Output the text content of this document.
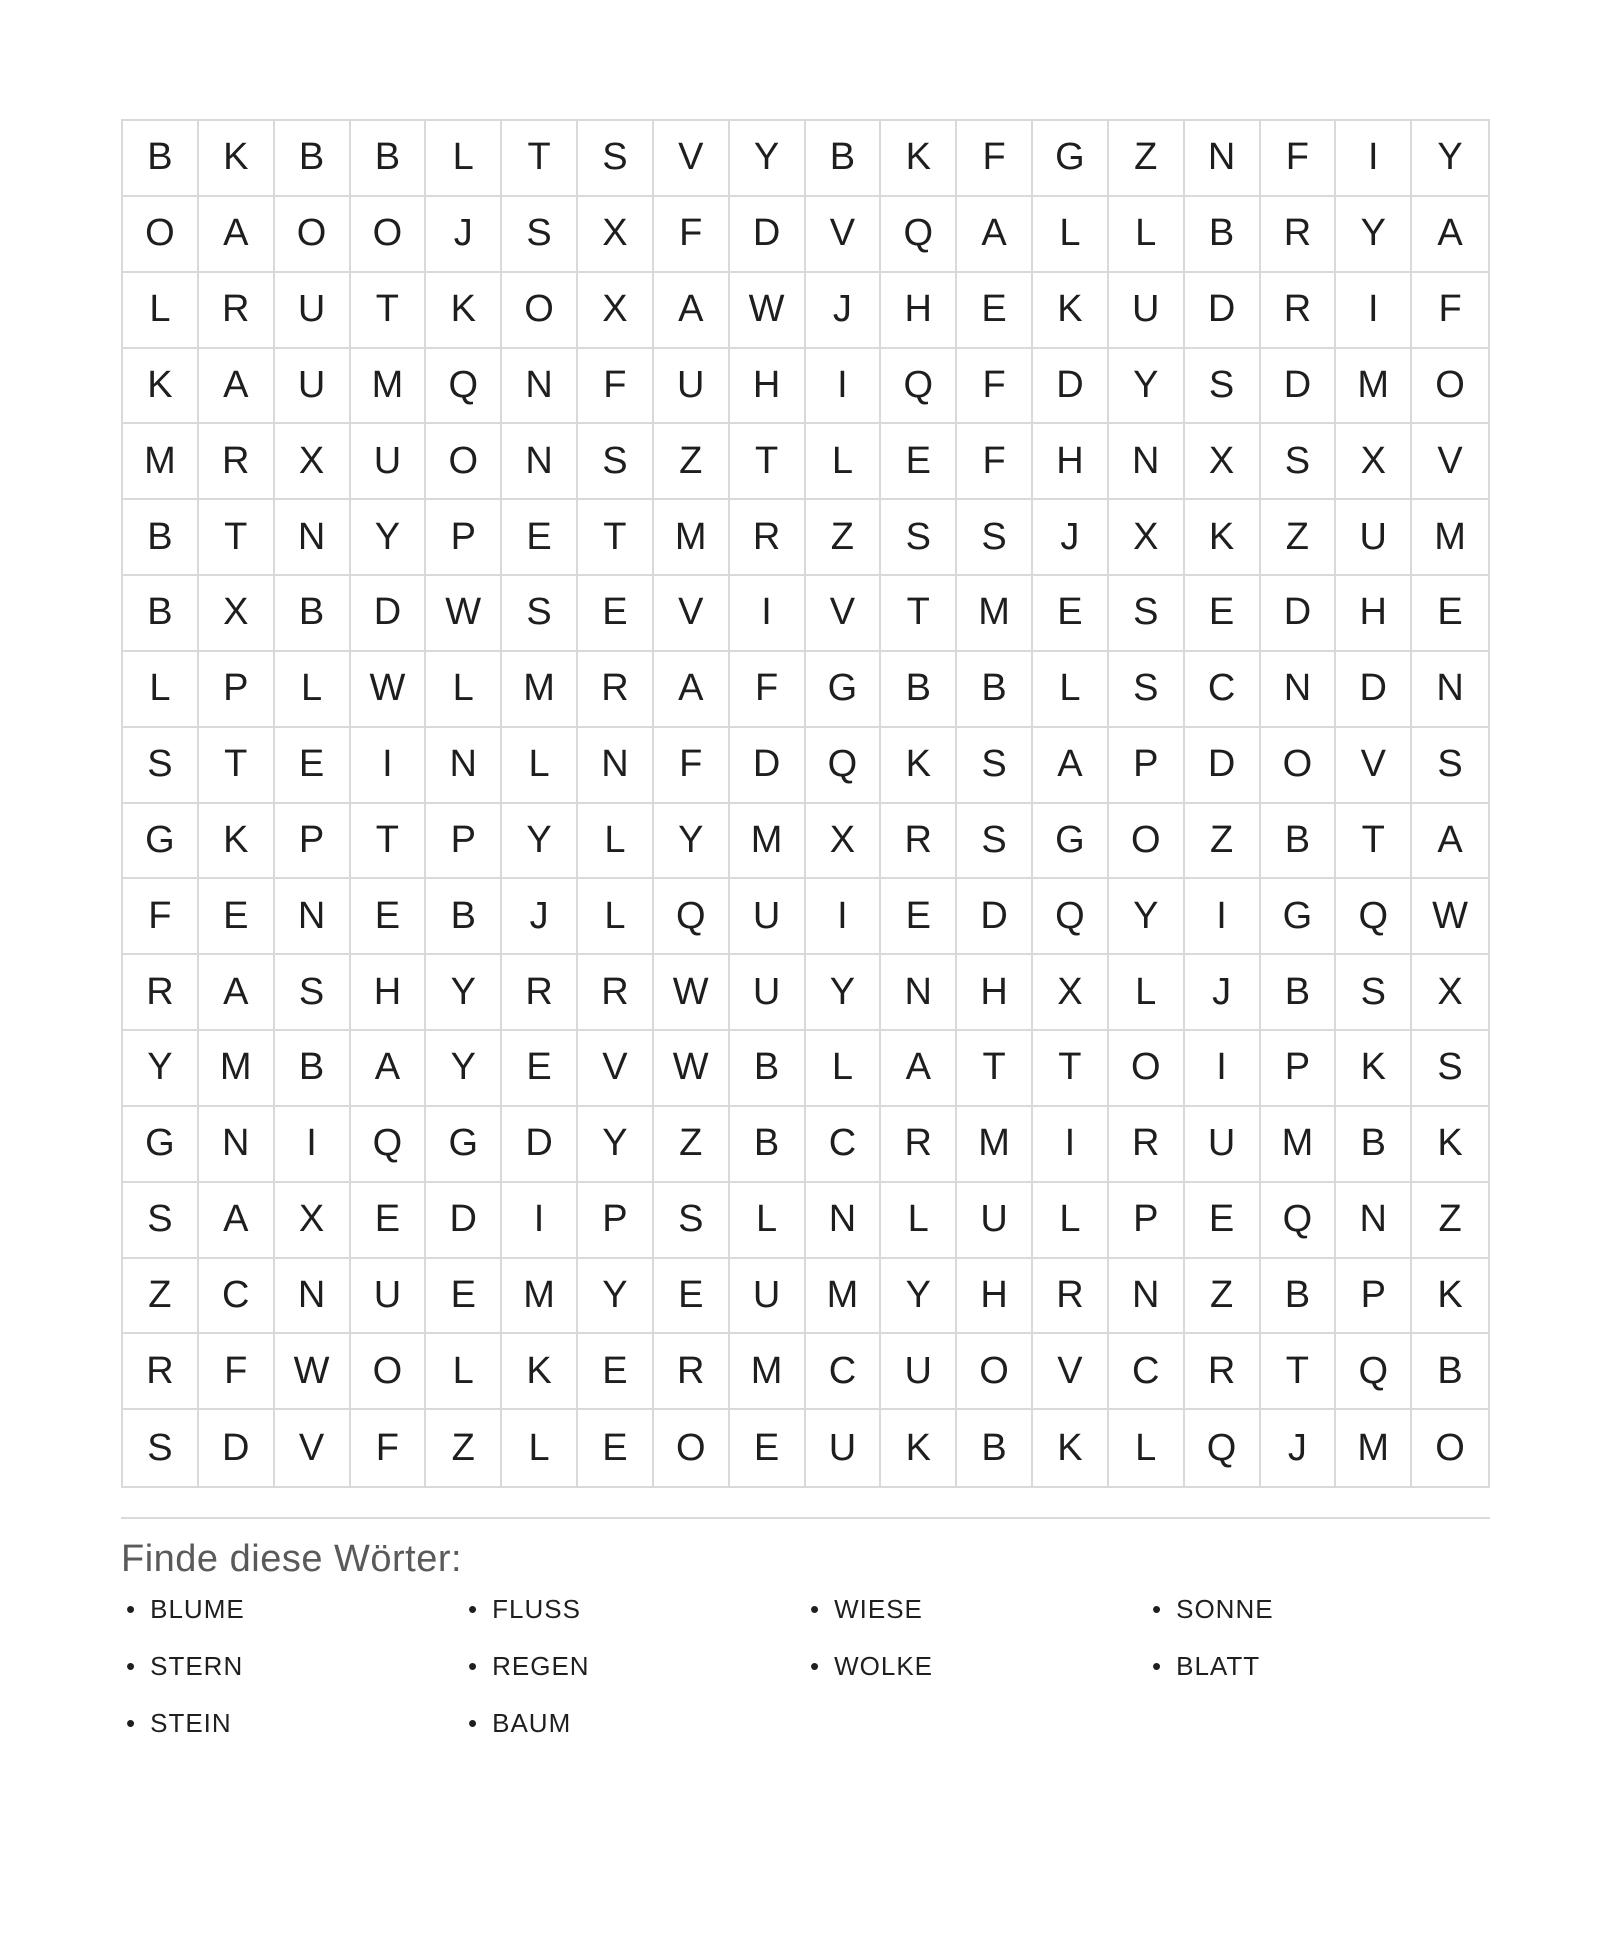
B	K	B	B	L	T	S	V	Y	B	K	F	G	Z	N	F	I	Y
O	A	O	O	J	S	X	F	D	V	Q	A	L	L	B	R	Y	A
L	R	U	T	K	O	X	A	W	J	H	E	K	U	D	R	I	F
K	A	U	M	Q	N	F	U	H	I	Q	F	D	Y	S	D	M	O
M	R	X	U	O	N	S	Z	T	L	E	F	H	N	X	S	X	V
B	T	N	Y	P	E	T	M	R	Z	S	S	J	X	K	Z	U	M
B	X	B	D	W	S	E	V	I	V	T	M	E	S	E	D	H	E
L	P	L	W	L	M	R	A	F	G	B	B	L	S	C	N	D	N
S	T	E	I	N	L	N	F	D	Q	K	S	A	P	D	O	V	S
G	K	P	T	P	Y	L	Y	M	X	R	S	G	O	Z	B	T	A
F	E	N	E	B	J	L	Q	U	I	E	D	Q	Y	I	G	Q	W
R	A	S	H	Y	R	R	W	U	Y	N	H	X	L	J	B	S	X
Y	M	B	A	Y	E	V	W	B	L	A	T	T	O	I	P	K	S
G	N	I	Q	G	D	Y	Z	B	C	R	M	I	R	U	M	B	K
S	A	X	E	D	I	P	S	L	N	L	U	L	P	E	Q	N	Z
Z	C	N	U	E	M	Y	E	U	M	Y	H	R	N	Z	B	P	K
R	F	W	O	L	K	E	R	M	C	U	O	V	C	R	T	Q	B
S	D	V	F	Z	L	E	O	E	U	K	B	K	L	Q	J	M	O
Finde diese Wörter:
• BLUME
• STERN
• STEIN
• FLUSS
• REGEN
• BAUM
• WIESE
• WOLKE
• SONNE
• BLATT
